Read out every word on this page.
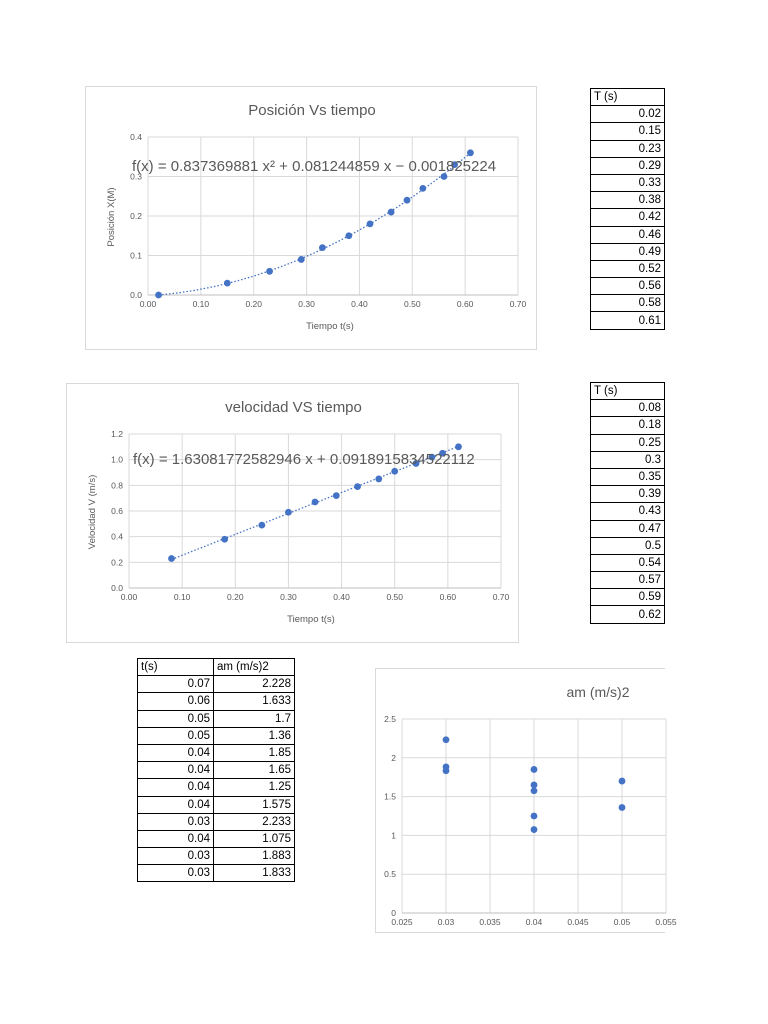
0.0
0.1
0.2
0.3
0.4
0.00	0.10	0.20	0.30	0.40	0.50	0.60	0.70
Posición Vs tiempo
Tiempo t(s)
Posición X(M)
f(x) = 0.837369881 x² + 0.081244859 x − 0.001825224
0.0
0.2
0.4
0.6
0.8
1.0
1.2
0.00	0.10	0.20	0.30	0.40	0.50	0.60	0.70
velocidad VS tiempo
Tiempo t(s)
Velocidad V (m/s)
f(x) = 1.63081772582946 x + 0.0918915834522112
0
0.5
1
1.5
2
2.5
0.025	0.03	0.035	0.04	0.045	0.05	0.055
am (m/s)2
T (s)
0.02
0.15
0.23
0.29
0.33
0.38
0.42
0.46
0.49
0.52
0.56
0.58
0.61
T (s)
0.08
0.18
0.25
0.3
0.35
0.39
0.43
0.47
0.5
0.54
0.57
0.59
0.62
t(s)	am (m/s)2
0.07	2.228
0.06	1.633
0.05	1.7
0.05	1.36
0.04	1.85
0.04	1.65
0.04	1.25
0.04	1.575
0.03	2.233
0.04	1.075
0.03	1.883
0.03	1.833
